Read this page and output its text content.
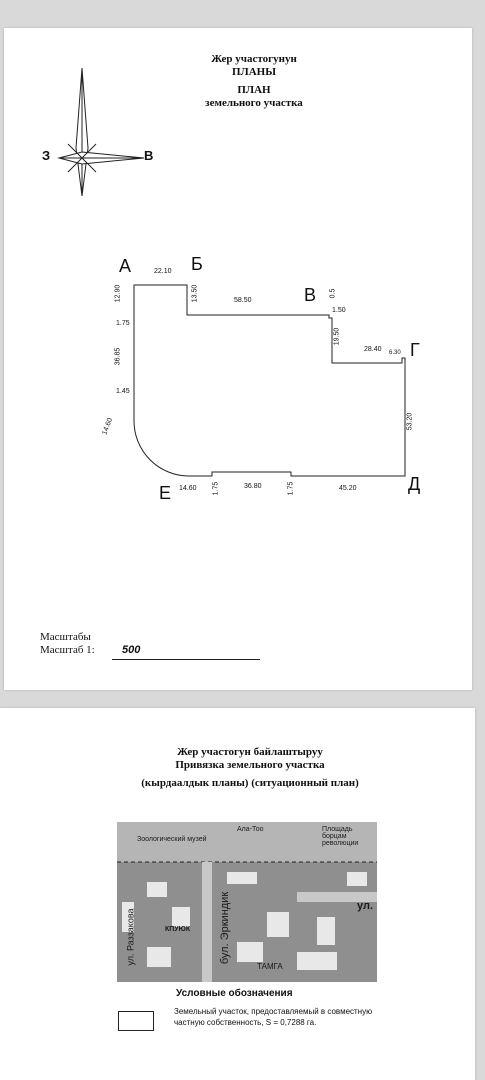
Жер участогунун
ПЛАНЫ
ПЛАН
земельного участка
З	В
А	Б
В
Г
Д
Е
22.10
12.90	13.50	58.50
1.50
0.5
19.50
28.40 6.30
53.20
45.20
36.80
14.60 1.75	1.75
1.75
36.85
1.45
14.60
Масштабы
Масштаб 1: 500
Жер участогун байлаштыруу
Привязка земельного участка
(кырдаалдык планы) (ситуационный план)
Зоологический музей
Ала-Тоо	Площадь борцам революции
КПУЮК	бул. Эркиндик
ул. Раззакова
ТАМГА
ул.
Условные обозначения
Земельный участок, предоставляемый в совместную частную собственность, S = 0,7288 га.
